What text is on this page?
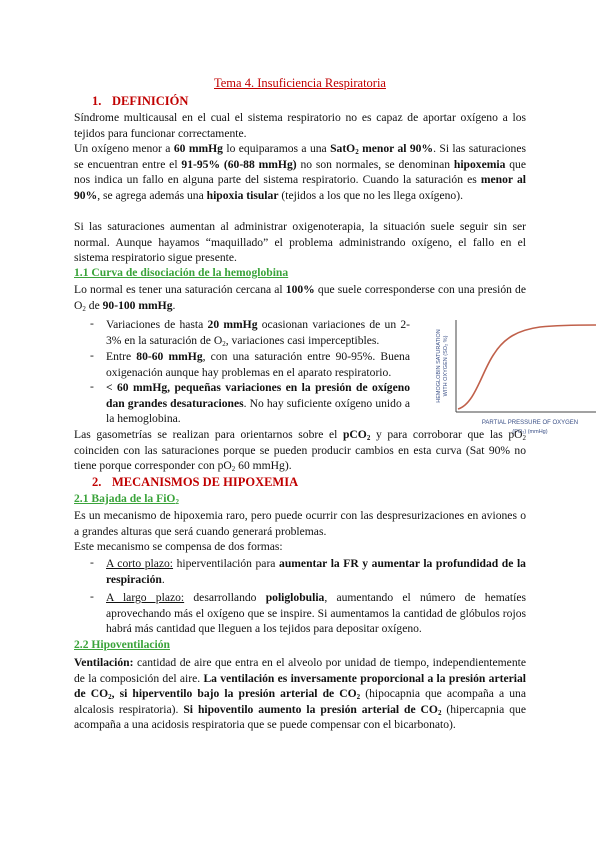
Tema 4. Insuficiencia Respiratoria
1. DEFINICIÓN

Síndrome multicausal en el cual el sistema respiratorio no es capaz de aportar oxígeno a los tejidos para funcionar correctamente.

Un oxígeno menor a 60 mmHg lo equiparamos a una SatO$_2$ menor al 90%. Si las saturaciones se encuentran entre el 91-95% (60-88 mmHg) no son normales, se denominan hipoxemia que nos indica un fallo en alguna parte del sistema respiratorio. Cuando la saturación es menor al 90%, se agrega además una hipoxia tisular (tejidos a los que no les llega oxígeno).

Si las saturaciones aumentan al administrar oxigenoterapia, la situación suele seguir sin ser normal. Aunque hayamos “maquillado” el problema administrando oxígeno, el fallo en el sistema respiratorio sigue presente.

1.1 Curva de disociación de la hemoglobina

Lo normal es tener una saturación cercana al 100% que suele corresponderse con una presión de $O_2$ de 90-100 mmHg.

- Variaciones de hasta 20 mmHg ocasionan variaciones de un 2-3% en la saturación de $O_2$, variaciones casi imperceptibles.

- Entre 80-60 mmHg, con una saturación entre 90-95%. Buena oxigenación aunque hay problemas en el aparato respiratorio.

- < 60 mmHg, pequeñas variaciones en la presión de oxígeno dan grandes desaturaciones. No hay suficiente oxígeno unido a la hemoglobina.

HEMOGLOBIN SATURATION WITH OXYGEN (SO₂ %)
PARTIAL PRESSURE OF OXYGEN
(PO₂) (mmHg)

Las gasometrías se realizan para orientarnos sobre el pCO$_2$ y para corroborar que las $pO_2$ coinciden con las saturaciones porque se pueden producir cambios en esta curva (Sat 90% no tiene porque corresponder con $pO_2$ 60 mmHg).

2. MECANISMOS DE HIPOXEMIA
2.1 Bajada de la FiO$_2$

Es un mecanismo de hipoxemia raro, pero puede ocurrir con las despresurizaciones en aviones o a grandes alturas que será cuando generará problemas.

Este mecanismo se compensa de dos formas:

- A corto plazo: hiperventilación para aumentar la FR y aumentar la profundidad de la respiración.

- A largo plazo: desarrollando poliglobulia, aumentando el número de hematíes aprovechando más el oxígeno que se inspire. Si aumentamos la cantidad de glóbulos rojos habrá más cantidad que lleguen a los tejidos para depositar oxígeno.

2.2 Hipoventilación

Ventilación: cantidad de aire que entra en el alveolo por unidad de tiempo, independientemente de la composición del aire. La ventilación es inversamente proporcional a la presión arterial de $CO_2$, si hiperventilo bajo la presión arterial de $CO_2$ (hipocapnia que acompaña a una alcalosis respiratoria). Si hipoventilo aumento la presión arterial de $CO_2$ (hipercapnia que acompaña a una acidosis respiratoria que se puede compensar con el bicarbonato).
